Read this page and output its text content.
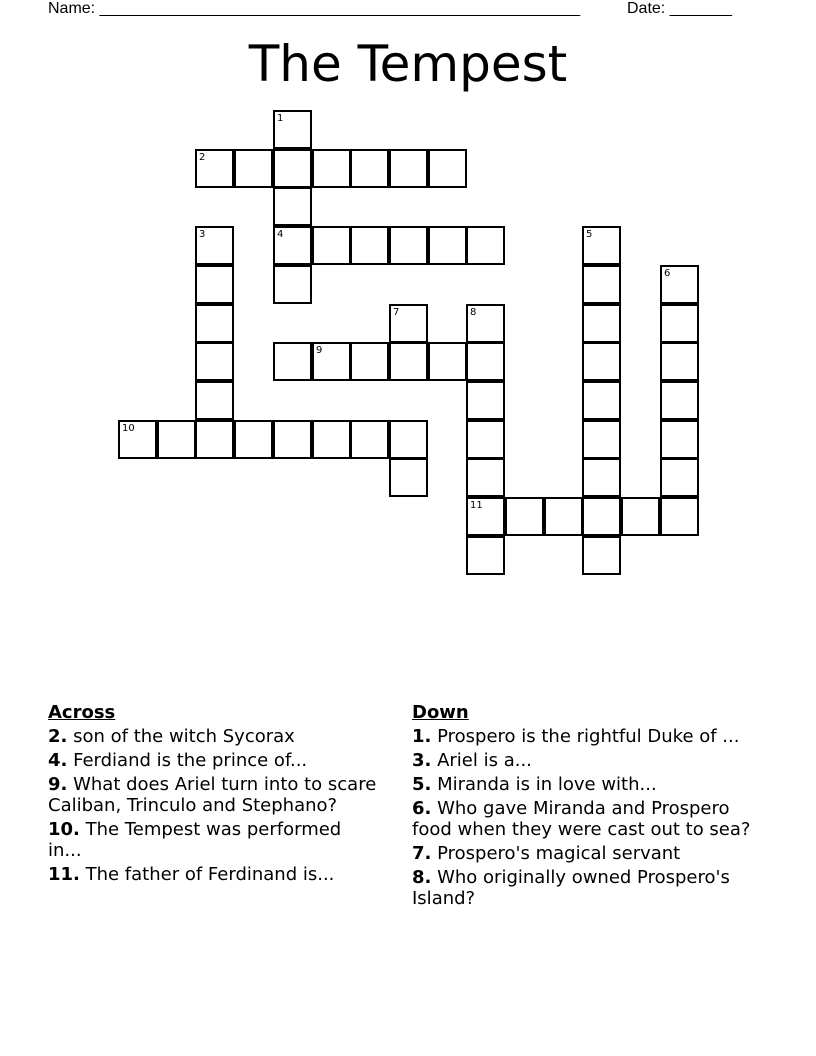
Name: ______________________________________________________	Date: _______
The Tempest
1
2
3	4	5
6
7	8
9
10
11
Across
2. son of the witch Sycorax
4. Ferdiand is the prince of...
9. What does Ariel turn into to scare Caliban, Trinculo and Stephano?
10. The Tempest was performed in...
11. The father of Ferdinand is...
Down
1. Prospero is the rightful Duke of ...
3. Ariel is a...
5. Miranda is in love with...
6. Who gave Miranda and Prospero food when they were cast out to sea?
7. Prospero's magical servant
8. Who originally owned Prospero's Island?
